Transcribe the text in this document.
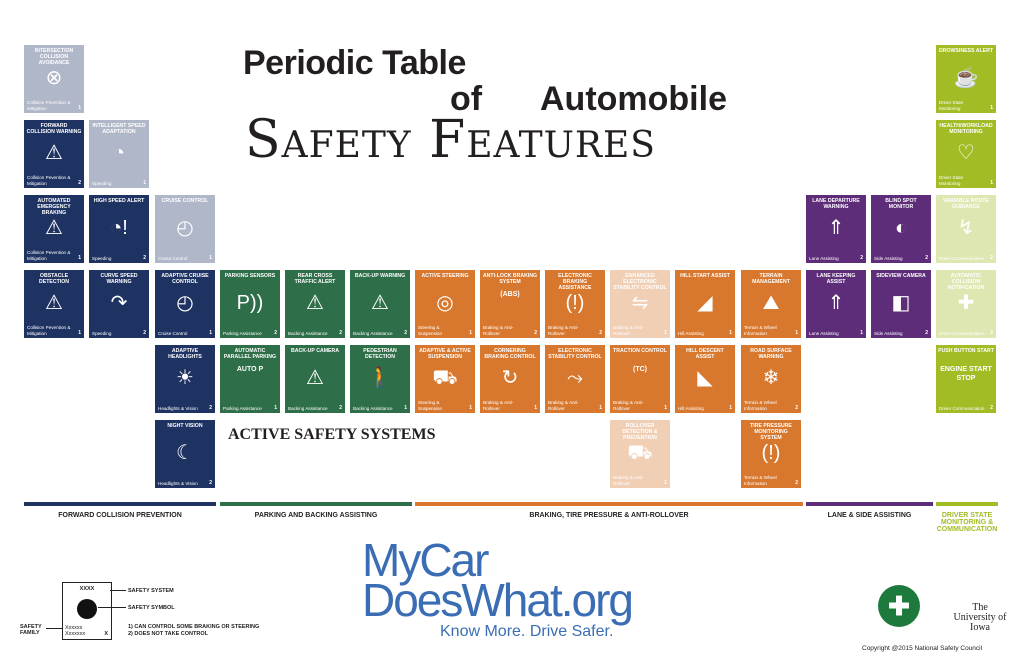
Periodic Table
of Automobile
Safety Features
ACTIVE SAFETY SYSTEMS
INTERSECTION COLLISION AVOIDANCE
⊗
Collision Pevention & Mitigation	1
FORWARD COLLISION WARNING
⚠
Collision Pevention & Mitigation	2
INTELLIGENT SPEED ADAPTATION
◔
Speeding	1
AUTOMATED EMERGENCY BRAKING
⚠
Collision Pevention & Mitigation	1
HIGH SPEED ALERT
◔!
Speeding	2
CRUISE CONTROL
◴
Cruise Control	1
OBSTACLE DETECTION
⚠
Collision Pevention & Mitigation	1
CURVE SPEED WARNING
↷
Speeding	2
ADAPTIVE CRUISE CONTROL
◴
Cruise Control	1
ADAPTIVE HEADLIGHTS
☀
Headlights & Vision 2
NIGHT VISION
☾
Headlights & Vision 2
PARKING SENSORS
P))
Parking Assistance 2
REAR CROSS TRAFFIC ALERT
⚠
Backing Assistance 2
BACK-UP WARNING
⚠
Backing Assistance 2
AUTOMATIC PARALLEL PARKING
AUTO P
Parking Assistance 1
BACK-UP CAMERA
⚠
Backing Assistance 2
PEDESTRIAN DETECTION
🚶
Backing Assistance 1
ACTIVE STEERING
◎
Steering & Suspension	1
ANTI-LOCK BRAKING SYSTEM
(ABS)
Braking & Anti-Rollover	2
ELECTRONIC BRAKING ASSISTANCE
(!)
Braking & Anti-Rollover	2
ENHANCED ELECTRONIC STABILITY CONTROL
⇋
Braking & Anti-Rollover	1
HILL START ASSIST
◢
Hill Assisting	1
TERRAIN MANAGEMENT
⛰
Terrain & Wheel Information	1
ADAPTIVE & ACTIVE SUSPENSION
⛟
Steering & Suspension	1
CORNERING BRAKING CONTROL
↻
Braking & Anti-Rollover	1
ELECTRONIC STABILITY CONTROL
⤳
Braking & Anti-Rollover	1
TRACTION CONTROL
(TC)
Braking & Anti-Rollover	1
HILL DESCENT ASSIST
◣
Hill Assisting	1
ROAD SURFACE WARNING
❄
Terrain & Wheel Information	2
ROLLOVER DETECTION & PREVENTION
⛟
Braking & Anti-Rollover	1
TIRE PRESSURE MONITORING SYSTEM
(!)
Terrain & Wheel Information	2
LANE DEPARTURE WARNING
⇑
Lane Assisting	2
BLIND SPOT MONITOR
◐
Side Assisting	2
LANE KEEPING ASSIST
⇑
Lane Assisting	1
SIDEVIEW CAMERA
◧
Side Assisting	2
DROWSINESS ALERT
☕
Driver State Monitoring	1
HEALTH/WORKLOAD MONITORING
♡
Driver State Monitoring	1
VARIABLE ROUTE GUIDANCE
↯
Driver Communication 2
AUTOMATIC COLLISION NOTIFICATION
✚
Driver Communication 2
PUSH BUTTON START
ENGINE START STOP
Driver Communication 2
FORWARD COLLISION PREVENTION	PARKING AND BACKING ASSISTING	BRAKING, TIRE PRESSURE & ANTI-ROLLOVER	LANE & SIDE ASSISTING	DRIVER STATE MONITORING & COMMUNICATION
XXXX
Xxxxxx Xxxxxxx	X
SAFETY FAMILY
SAFETY SYSTEM
SAFETY SYMBOL
1) CAN CONTROL SOME BRAKING OR STEERING
2) DOES NOT TAKE CONTROL
MyCar
DoesWhat.org
Know More. Drive Safer.
✚	The University of Iowa
Copyright @2015 National Safety Council
